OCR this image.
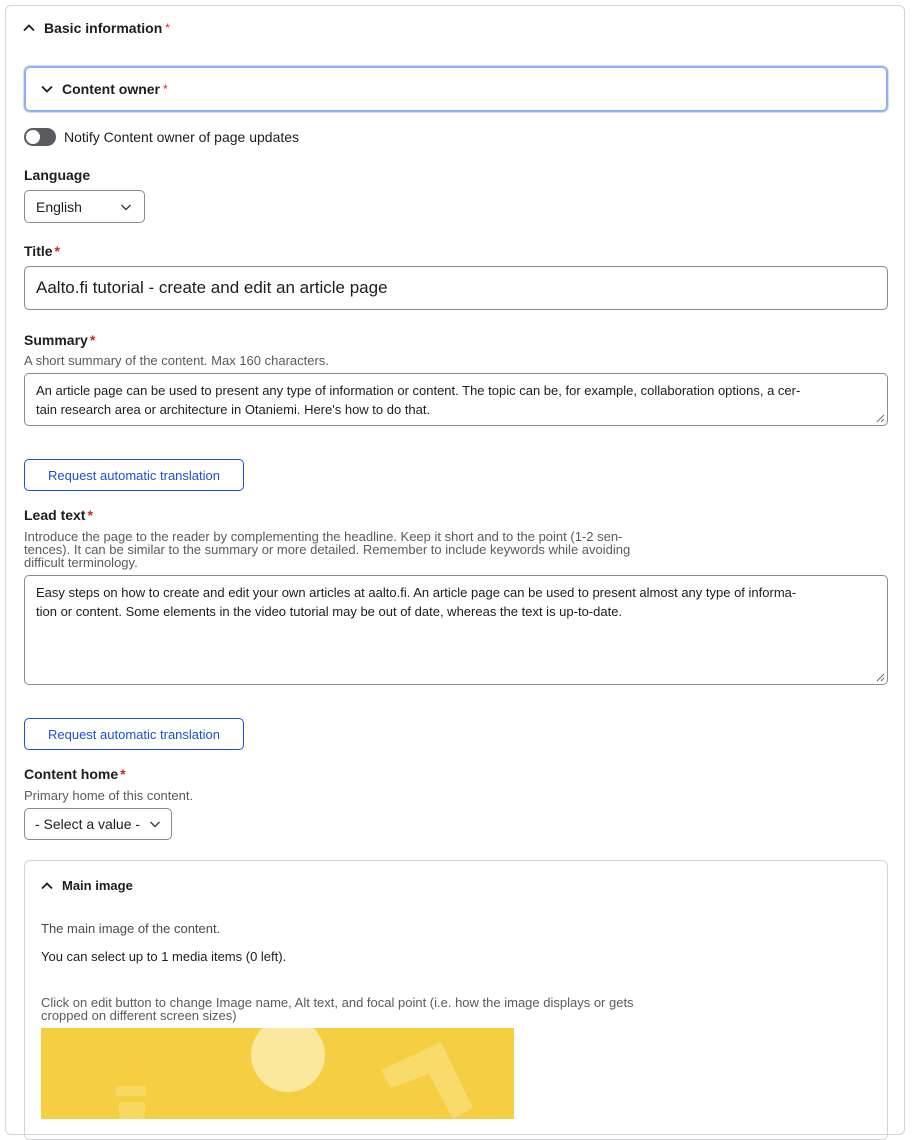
Basic information *
Content owner *
Notify Content owner of page updates
Language
English
Title *
Aalto.fi tutorial - create and edit an article page
Summary *
A short summary of the content. Max 160 characters.
An article page can be used to present any type of information or content. The topic can be, for example, collaboration options, a cer-
tain research area or architecture in Otaniemi. Here's how to do that.
Request automatic translation
Lead text *
Introduce the page to the reader by complementing the headline. Keep it short and to the point (1-2 sen-
tences). It can be similar to the summary or more detailed. Remember to include keywords while avoiding
difficult terminology.
Easy steps on how to create and edit your own articles at aalto.fi. An article page can be used to present almost any type of informa-
tion or content. Some elements in the video tutorial may be out of date, whereas the text is up-to-date.
Request automatic translation
Content home *
Primary home of this content.
- Select a value -
Main image
The main image of the content.
You can select up to 1 media items (0 left).
Click on edit button to change Image name, Alt text, and focal point (i.e. how the image displays or gets
cropped on different screen sizes)
